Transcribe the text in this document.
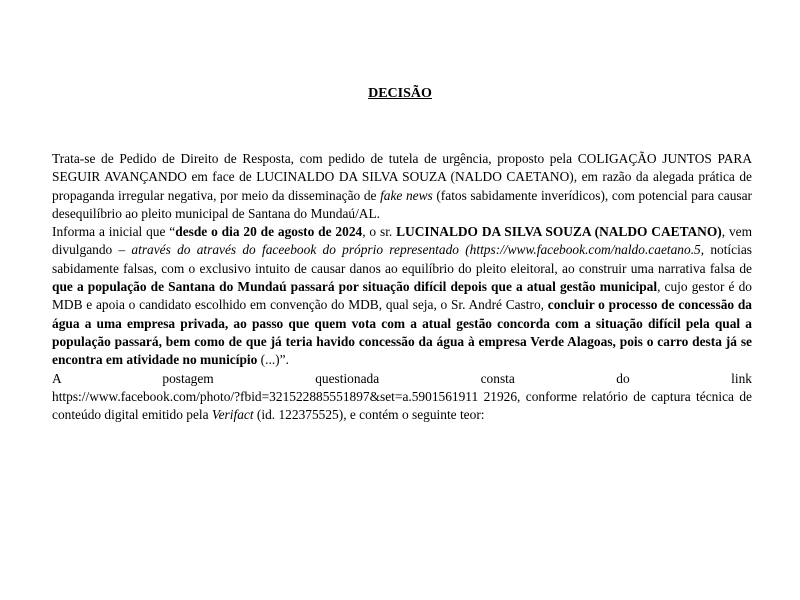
DECISÃO

Trata-se de Pedido de Direito de Resposta, com pedido de tutela de urgência, proposto pela COLIGAÇÃO JUNTOS PARA SEGUIR AVANÇANDO em face de LUCINALDO DA SILVA SOUZA (NALDO CAETANO), em razão da alegada prática de propaganda irregular negativa, por meio da disseminação de fake news (fatos sabidamente inverídicos), com potencial para causar desequilíbrio ao pleito municipal de Santana do Mundaú/AL.

Informa a inicial que “desde o dia 20 de agosto de 2024, o sr. LUCINALDO DA SILVA SOUZA (NALDO CAETANO), vem divulgando – através do através do faceebook do próprio representado (https://www.facebook.com/naldo.caetano.5, notícias sabidamente falsas, com o exclusivo intuito de causar danos ao equilíbrio do pleito eleitoral, ao construir uma narrativa falsa de que a população de Santana do Mundaú passará por situação difícil depois que a atual gestão municipal, cujo gestor é do MDB e apoia o candidato escolhido em convenção do MDB, qual seja, o Sr. André Castro, concluir o processo de concessão da água a uma empresa privada, ao passo que quem vota com a atual gestão concorda com a situação difícil pela qual a população passará, bem como de que já teria havido concessão da água à empresa Verde Alagoas, pois o carro desta já se encontra em atividade no município (...)”.

A postagem questionada consta do link

https://www.facebook.com/photo/?fbid=321522885551897&set=a.5901561911 21926, conforme relatório de captura técnica de conteúdo digital emitido pela Verifact (id. 122375525), e contém o seguinte teor:
